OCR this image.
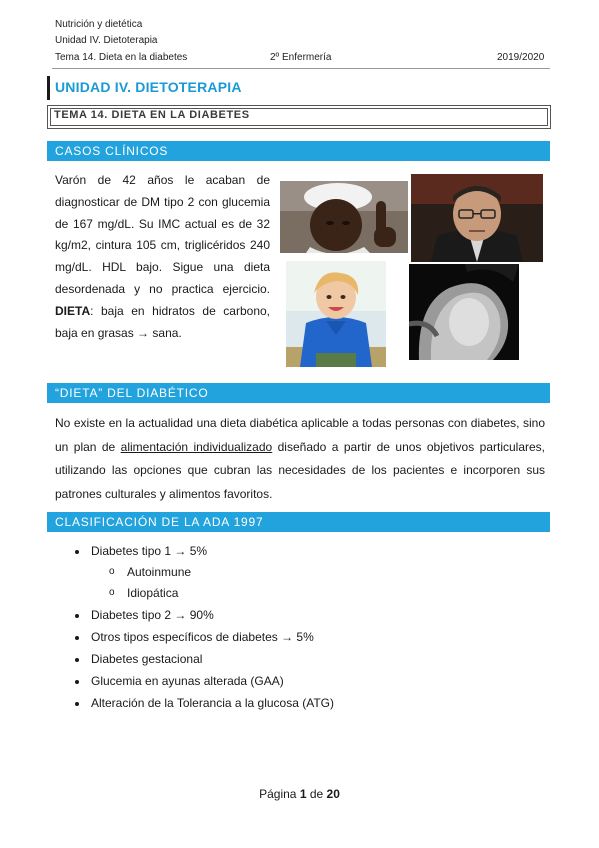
Nutrición y dietética
Unidad IV. Dietoterapia
Tema 14. Dieta en la diabetes	2º Enfermería	2019/2020
UNIDAD IV. DIETOTERAPIA
TEMA 14. DIETA EN LA DIABETES
CASOS CLÍNICOS
Varón de 42 años le acaban de diagnosticar de DM tipo 2 con glucemia de 167 mg/dL. Su IMC actual es de 32 kg/m2, cintura 105 cm, triglicéridos 240 mg/dL. HDL bajo. Sigue una dieta desordenada y no practica ejercicio. DIETA: baja en hidratos de carbono, baja en grasas → sana.
“DIETA” DEL DIABÉTICO
No existe en la actualidad una dieta diabética aplicable a todas personas con diabetes, sino un plan de alimentación individualizado diseñado a partir de unos objetivos particulares, utilizando las opciones que cubran las necesidades de los pacientes e incorporen sus patrones culturales y alimentos favoritos.
CLASIFICACIÓN DE LA ADA 1997
Diabetes tipo 1 → 5%
o Autoinmune
o Idiopática
Diabetes tipo 2 → 90%
Otros tipos específicos de diabetes → 5%
Diabetes gestacional
Glucemia en ayunas alterada (GAA)
Alteración de la Tolerancia a la glucosa (ATG)
Página 1 de 20
